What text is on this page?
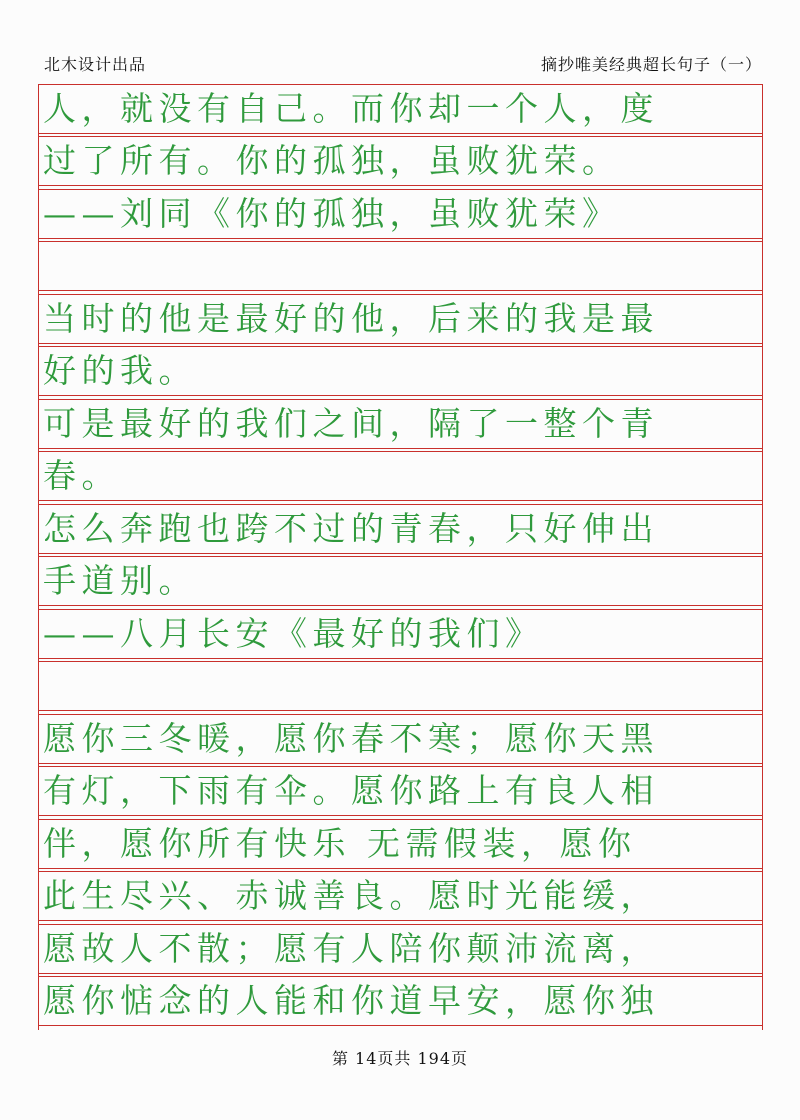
北木设计出品	摘抄唯美经典超长句子（一）
人，就没有自己。而你却一个人，度
过了所有。你的孤独，虽败犹荣。
——刘同《你的孤独，虽败犹荣》
当时的他是最好的他，后来的我是最
好的我。
可是最好的我们之间，隔了一整个青
春。
怎么奔跑也跨不过的青春，只好伸出
手道别。
——八月长安《最好的我们》
愿你三冬暖，愿你春不寒；愿你天黑
有灯，下雨有伞。愿你路上有良人相
伴，愿你所有快乐 无需假装，愿你
此生尽兴、赤诚善良。愿时光能缓，
愿故人不散；愿有人陪你颠沛流离，
愿你惦念的人能和你道早安，愿你独
第 14页共 194页
